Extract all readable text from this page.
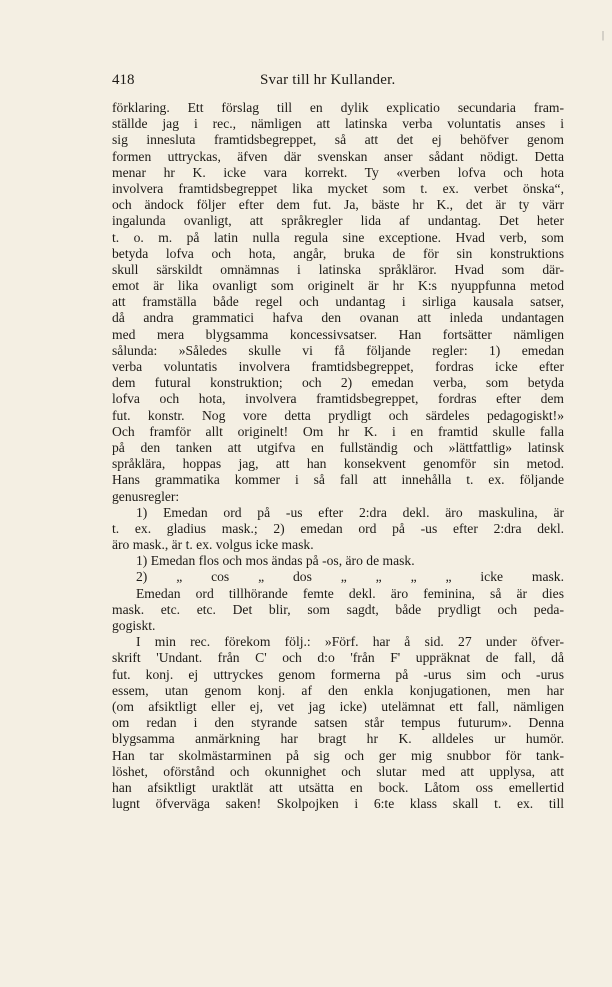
|
418	Svar till hr Kullander.
förklaring. Ett förslag till en dylik explicatio secundaria fram-
ställde jag i rec., nämligen att latinska verba voluntatis anses i
sig inneslutа framtidsbegreppet, så att det ej behöfver genom
formen uttryckas, äfven där svenskan anser sådant nödigt. Detta
menar hr K. icke vara korrekt. Ty «verben lofva och hota
involvera framtidsbegreppet lika mycket som t. ex. verbet önska“,
och ändock följer efter dem fut. Ja, bäste hr K., det är ty värr
ingalunda ovanligt, att språkregler lida af undantag. Det heter
t. o. m. på latin nulla regula sine exceptione. Hvad verb, som
betyda lofva och hota, angår, bruka de för sin konstruktions
skull särskildt omnämnas i latinska språkläror. Hvad som där-
emot är lika ovanligt som originelt är hr K:s nyuppfunna metod
att framställa både regel och undantag i sirliga kausala satser,
då andra grammatici hafva den ovanan att inleda undantagen
med mera blygsamma koncessivsatser. Han fortsätter nämligen
sålunda: »Således skulle vi få följande regler: 1) emedan
verba voluntatis involvera framtidsbegreppet, fordras icke efter
dem futural konstruktion; och 2) emedan verba, som betyda
lofva och hota, involvera framtidsbegreppet, fordras efter dem
fut. konstr. Nog vore detta prydligt och särdeles pedagogiskt!»
Och framför allt originelt! Om hr K. i en framtid skulle falla
på den tanken att utgifva en fullständig och »lättfattlig» latinsk
språklära, hoppas jag, att han konsekvent genomför sin metod.
Hans grammatika kommer i så fall att innehålla t. ex. följande
genusregler:
1) Emedan ord på -us efter 2:dra dekl. äro maskulina, är
t. ex. gladius mask.; 2) emedan ord på -us efter 2:dra dekl.
äro mask., är t. ex. volgus icke mask.
1) Emedan flos och mos ändas på -os, äro de mask.
2) „ cos „ dos „ „ „ „ icke mask.
Emedan ord tillhörande femte dekl. äro feminina, så är dies
mask. etc. etc. Det blir, som sagdt, både prydligt och peda-
gogiskt.
I min rec. förekom följ.: »Förf. har å sid. 27 under öfver-
skrift 'Undant. från C' och d:o 'från F' uppräknat de fall, då
fut. konj. ej uttryckes genom formerna på -urus sim och -urus
essem, utan genom konj. af den enkla konjugationen, men har
(om afsiktligt eller ej, vet jag icke) utelämnat ett fall, nämligen
om redan i den styrande satsen står tempus futurum». Denna
blygsamma anmärkning har bragt hr K. alldeles ur humör.
Han tar skolmästarminen på sig och ger mig snubbor för tank-
löshet, oförstånd och okunnighet och slutar med att upplysa, att
han afsiktligt uraktlät att utsätta en bock. Låtom oss emellertid
lugnt öfverväga saken! Skolpojken i 6:te klass skall t. ex. till
